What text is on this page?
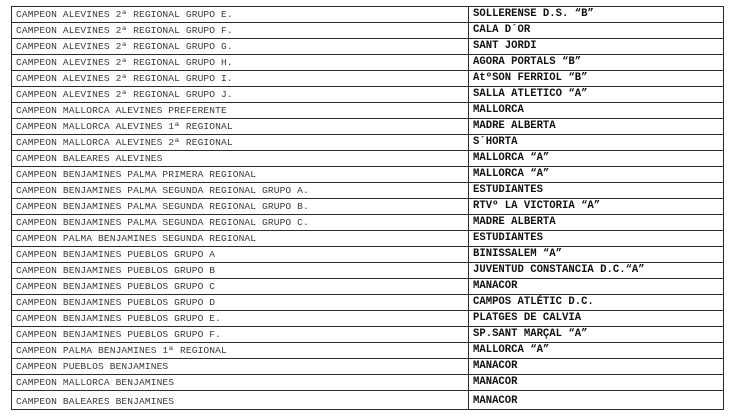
CAMPEON ALEVINES 2ª REGIONAL GRUPO E.	SOLLERENSE D.S. “B”
CAMPEON ALEVINES 2ª REGIONAL GRUPO F.	CALA D´OR
CAMPEON ALEVINES 2ª REGIONAL GRUPO G.	SANT JORDI
CAMPEON ALEVINES 2ª REGIONAL GRUPO H.	AGORA PORTALS “B”
CAMPEON ALEVINES 2ª REGIONAL GRUPO I.	AtºSON FERRIOL “B”
CAMPEON ALEVINES 2ª REGIONAL GRUPO J.	SALLA ATLETICO “A”
CAMPEON MALLORCA ALEVINES PREFERENTE	MALLORCA
CAMPEON MALLORCA ALEVINES 1ª REGIONAL	MADRE ALBERTA
CAMPEON MALLORCA ALEVINES 2ª REGIONAL	S´HORTA
CAMPEON BALEARES ALEVINES	MALLORCA “A”
CAMPEON BENJAMINES PALMA PRIMERA REGIONAL	MALLORCA “A”
CAMPEON BENJAMINES PALMA SEGUNDA REGIONAL GRUPO A.	ESTUDIANTES
CAMPEON BENJAMINES PALMA SEGUNDA REGIONAL GRUPO B.	RTVº LA VICTORIA “A”
CAMPEON BENJAMINES PALMA SEGUNDA REGIONAL GRUPO C.	MADRE ALBERTA
CAMPEON PALMA BENJAMINES SEGUNDA REGIONAL	ESTUDIANTES
CAMPEON BENJAMINES PUEBLOS GRUPO A	BINISSALEM “A”
CAMPEON BENJAMINES PUEBLOS GRUPO B	JUVENTUD CONSTANCIA D.C.“A”
CAMPEON BENJAMINES PUEBLOS GRUPO C	MANACOR
CAMPEON BENJAMINES PUEBLOS GRUPO D	CAMPOS ATLÉTIC D.C.
CAMPEON BENJAMINES PUEBLOS GRUPO E.	PLATGES DE CALVIA
CAMPEON BENJAMINES PUEBLOS GRUPO F.	SP.SANT MARÇAL “A”
CAMPEON PALMA BENJAMINES 1ª REGIONAL	MALLORCA “A”
CAMPEON PUEBLOS BENJAMINES	MANACOR
CAMPEON MALLORCA BENJAMINES	MANACOR
CAMPEON BALEARES BENJAMINES	MANACOR
